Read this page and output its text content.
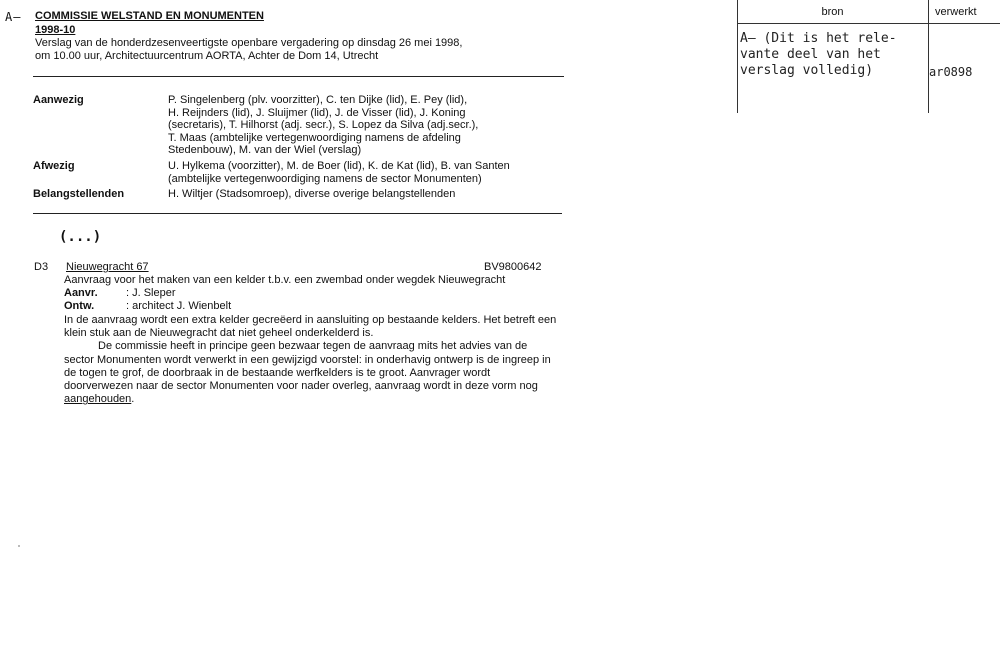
A— COMMISSIE WELSTAND EN MONUMENTEN
1998-10
Verslag van de honderdzesenveertigste openbare vergadering op dinsdag 26 mei 1998,
om 10.00 uur, Architectuurcentrum AORTA, Achter de Dom 14, Utrecht
Aanwezig	P. Singelenberg (plv. voorzitter), C. ten Dijke (lid), E. Pey (lid),
H. Reijnders (lid), J. Sluijmer (lid), J. de Visser (lid), J. Koning
(secretaris), T. Hilhorst (adj. secr.), S. Lopez da Silva (adj.secr.),
T. Maas (ambtelijke vertegenwoordiging namens de afdeling
Stedenbouw), M. van der Wiel (verslag)
Afwezig	U. Hylkema (voorzitter), M. de Boer (lid), K. de Kat (lid), B. van Santen
(ambtelijke vertegenwoordiging namens de sector Monumenten)
Belangstellenden	H. Wiltjer (Stadsomroep), diverse overige belangstellenden
(...)
D3 Nieuwegracht 67	BV9800642
Aanvraag voor het maken van een kelder t.b.v. een zwembad onder wegdek Nieuwegracht
Aanvr.	: J. Sleper
Ontw.	: architect J. Wienbelt

In de aanvraag wordt een extra kelder gecreëerd in aansluiting op bestaande kelders. Het betreft een klein stuk aan de Nieuwegracht dat niet geheel onderkelderd is.

De commissie heeft in principe geen bezwaar tegen de aanvraag mits het advies van de sector Monumenten wordt verwerkt in een gewijzigd voorstel: in onderhavig ontwerp is de ingreep in de togen te grof, de doorbraak in de bestaande werfkelders is te groot. Aanvrager wordt doorverwezen naar de sector Monumenten voor nader overleg, aanvraag wordt in deze vorm nog aangehouden.

bron	verwerkt
A— (Dit is het rele-
vante deel van het
verslag volledig)	ar0898
